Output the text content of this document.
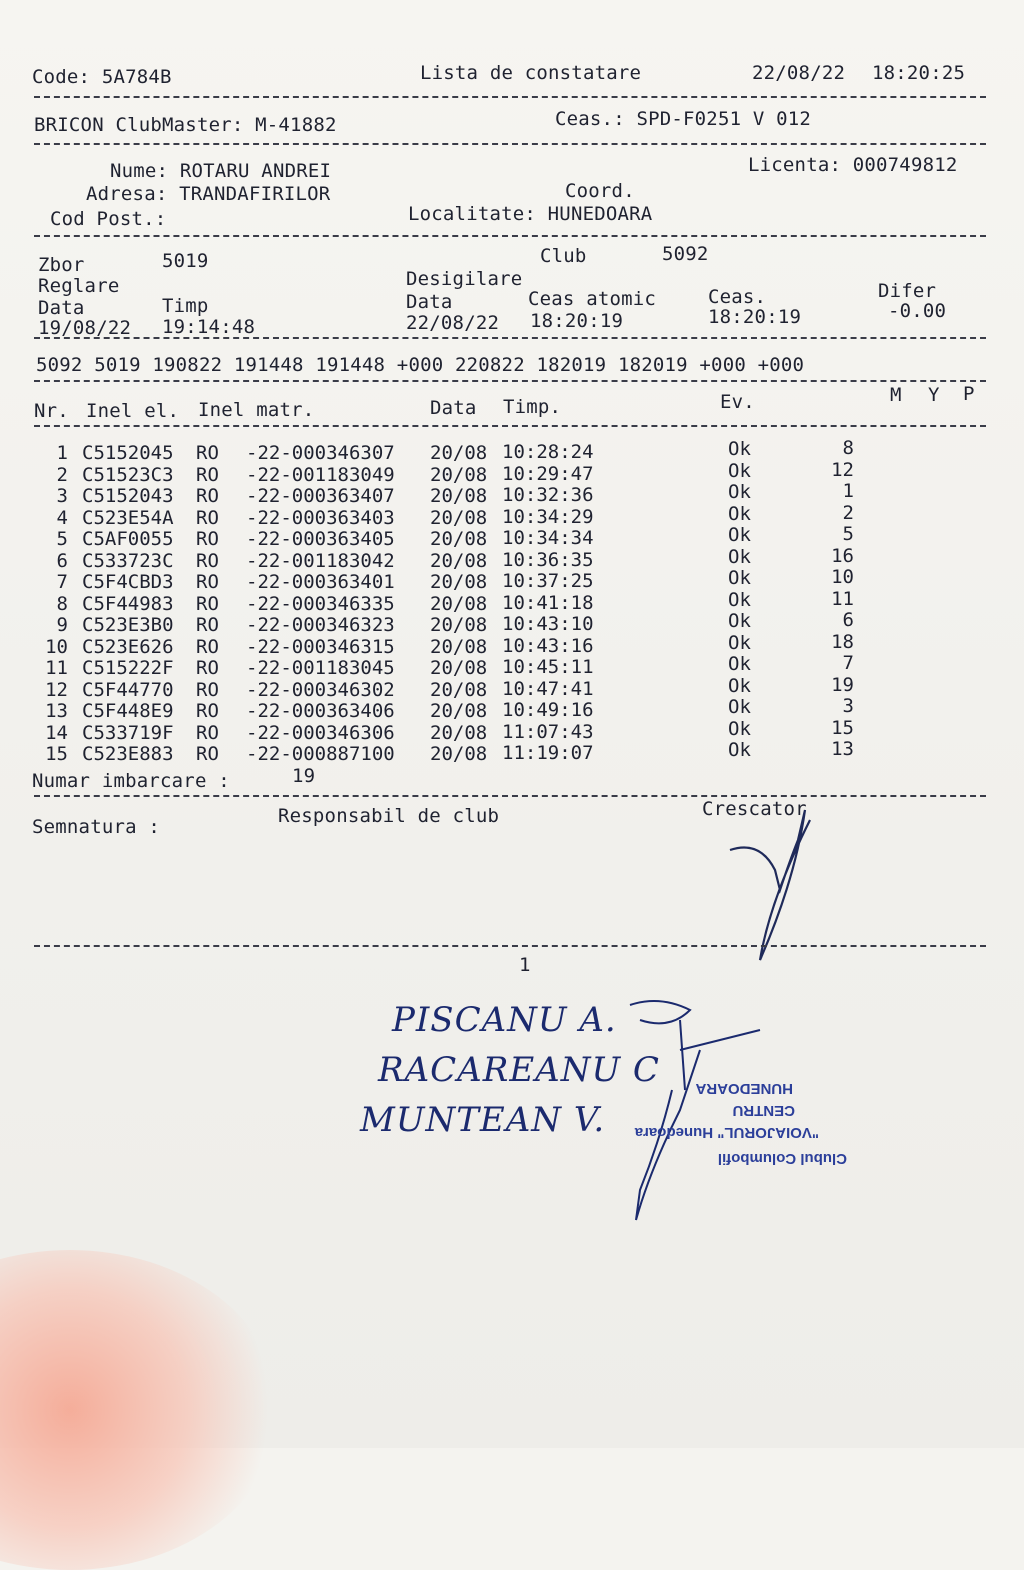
Code: 5A784B	Lista de constatare	22/08/22 18:20:25
BRICON ClubMaster: M-41882	Ceas.: SPD-F0251 V 012
Nume: ROTARU ANDREI
Adresa: TRANDAFIRILOR
Cod Post.:
Licenta: 000749812
Coord.
Localitate: HUNEDOARA
Zbor	5019	Club	5092
Reglare	Desigilare
Data	Timp	Data	Ceas atomic	Ceas.	Difer
19/08/22 19:14:48	22/08/22 18:20:19	18:20:19	-0.00
5092 5019 190822 191448 191448 +000 220822 182019 182019 +000 +000
Nr. Inel el. Inel matr.	Data Timp.	Ev.	M Y P
1 C5152045 RO -22-000346307 20/08 10:28:24	Ok	8
2 C51523C3 RO -22-001183049 20/08 10:29:47	Ok	12
3 C5152043 RO -22-000363407 20/08 10:32:36	Ok	1
4 C523E54A RO -22-000363403 20/08 10:34:29	Ok	2
5 C5AF0055 RO -22-000363405 20/08 10:34:34	Ok	5
6 C533723C RO -22-001183042 20/08 10:36:35	Ok	16
7 C5F4CBD3 RO -22-000363401 20/08 10:37:25	Ok	10
8 C5F44983 RO -22-000346335 20/08 10:41:18	Ok	11
9 C523E3B0 RO -22-000346323 20/08 10:43:10	Ok	6
10 C523E626 RO -22-000346315 20/08 10:43:16	Ok	18
11 C515222F RO -22-001183045 20/08 10:45:11	Ok	7
12 C5F44770 RO -22-000346302 20/08 10:47:41	Ok	19
13 C5F448E9 RO -22-000363406 20/08 10:49:16	Ok	3
14 C533719F RO -22-000346306 20/08 11:07:43	Ok	15
15 C523E883 RO -22-000887100 20/08 11:19:07	Ok	13
Numar imbarcare :	19
Semnatura :	Responsabil de club	Crescator
1
PISCANU A.
RACAREANU C
MUNTEAN V.
Clubul Columbofil
"VOIAJORUL" Hunedoara
CENTRU
HUNEDOARA
